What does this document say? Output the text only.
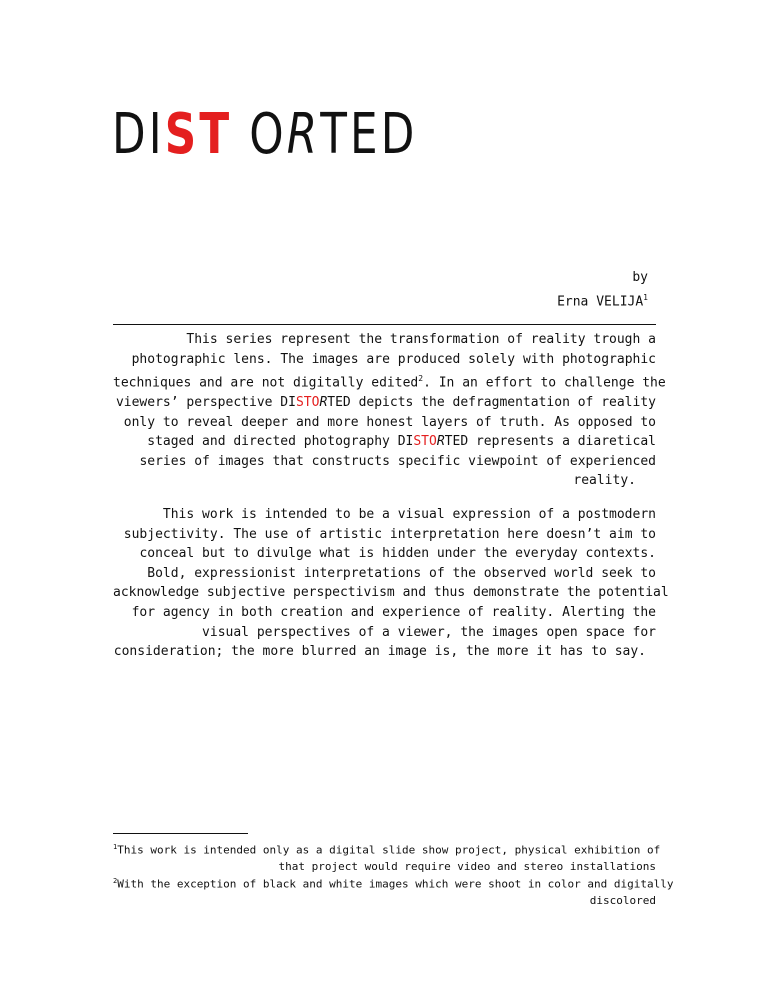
DIST ORTED
by
Erna VELIJA$^1$
This series represent the transformation of reality trough a
photographic lens. The images are produced solely with photographic
techniques and are not digitally edited$^2$. In an effort to challenge the
viewers’ perspective DISTORTED depicts the defragmentation of reality
only to reveal deeper and more honest layers of truth. As opposed to
staged and directed photography DISTORTED represents a diaretical
series of images that constructs specific viewpoint of experienced
reality.
This work is intended to be a visual expression of a postmodern
subjectivity. The use of artistic interpretation here doesn’t aim to
conceal but to divulge what is hidden under the everyday contexts.
Bold, expressionist interpretations of the observed world seek to
acknowledge subjective perspectivism and thus demonstrate the potential
for agency in both creation and experience of reality. Alerting the
visual perspectives of a viewer, the images open space for
consideration; the more blurred an image is, the more it has to say.
$^1$This work is intended only as a digital slide show project, physical exhibition of
that project would require video and stereo installations
$^2$With the exception of black and white images which were shoot in color and digitally
discolored
